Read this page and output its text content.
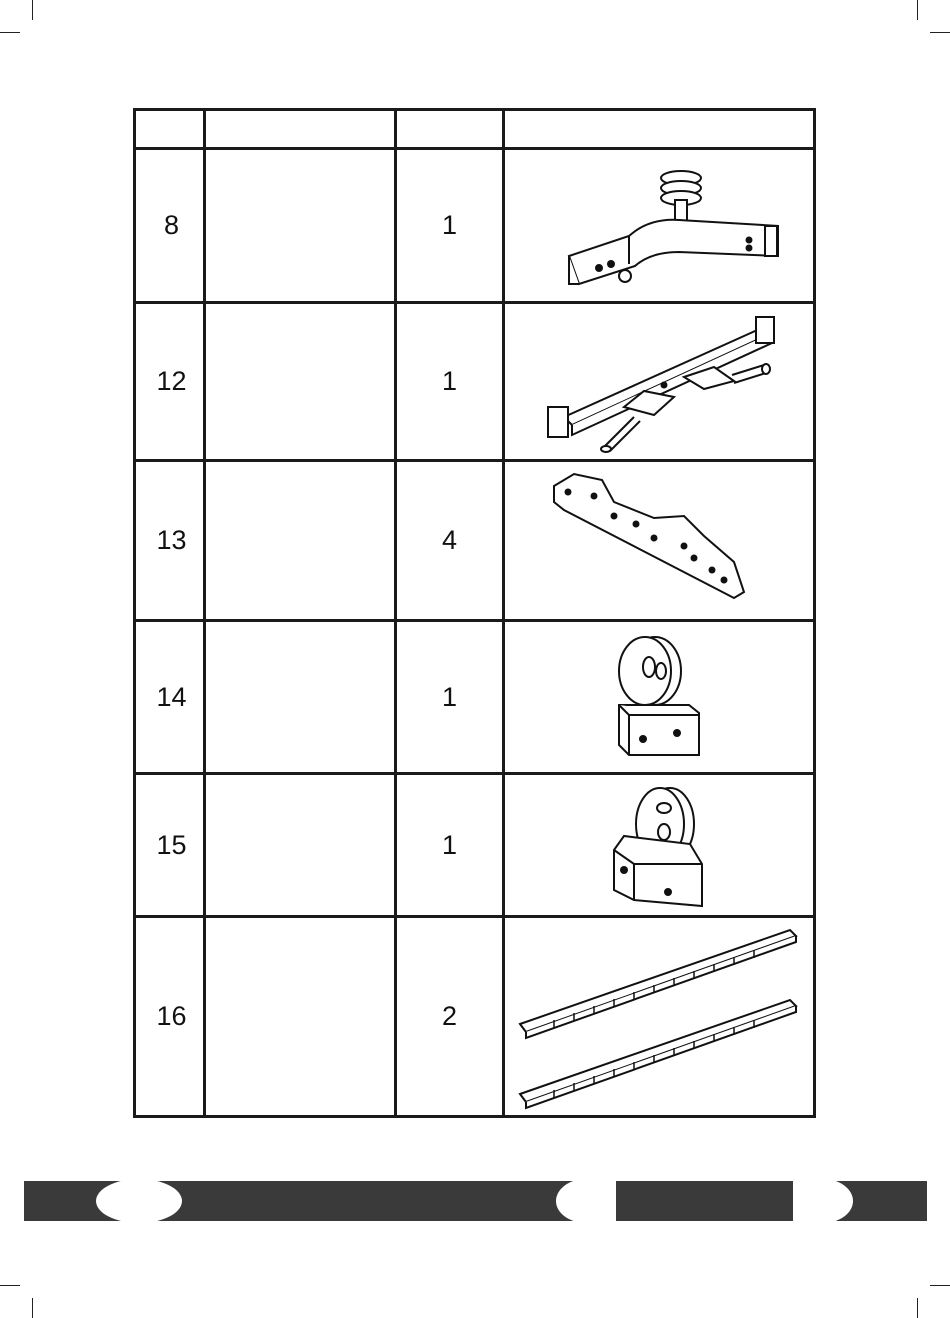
8		1	

12		1	

13		4	

14		1	

15		1	

16		2	
